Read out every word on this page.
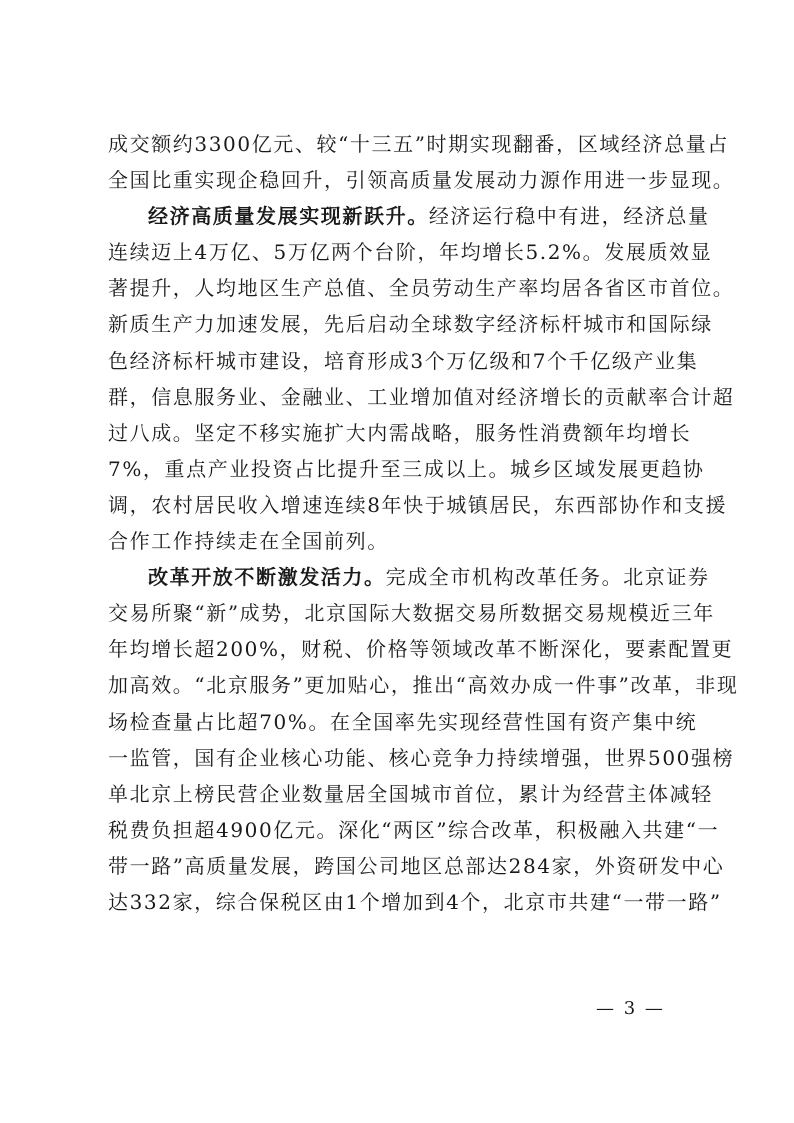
成交额约3300亿元、较“十三五”时期实现翻番，区域经济总量占
全国比重实现企稳回升，引领高质量发展动力源作用进一步显现。
经济高质量发展实现新跃升。经济运行稳中有进，经济总量
连续迈上4万亿、5万亿两个台阶，年均增长5.2%。发展质效显
著提升，人均地区生产总值、全员劳动生产率均居各省区市首位。
新质生产力加速发展，先后启动全球数字经济标杆城市和国际绿
色经济标杆城市建设，培育形成3个万亿级和7个千亿级产业集
群，信息服务业、金融业、工业增加值对经济增长的贡献率合计超
过八成。坚定不移实施扩大内需战略，服务性消费额年均增长
7%，重点产业投资占比提升至三成以上。城乡区域发展更趋协
调，农村居民收入增速连续8年快于城镇居民，东西部协作和支援
合作工作持续走在全国前列。
改革开放不断激发活力。完成全市机构改革任务。北京证券
交易所聚“新”成势，北京国际大数据交易所数据交易规模近三年
年均增长超200%，财税、价格等领域改革不断深化，要素配置更
加高效。“北京服务”更加贴心，推出“高效办成一件事”改革，非现
场检查量占比超70%。在全国率先实现经营性国有资产集中统
一监管，国有企业核心功能、核心竞争力持续增强，世界500强榜
单北京上榜民营企业数量居全国城市首位，累计为经营主体减轻
税费负担超4900亿元。深化“两区”综合改革，积极融入共建“一
带一路”高质量发展，跨国公司地区总部达284家，外资研发中心
达332家，综合保税区由1个增加到4个，北京市共建“一带一路”
— 3 —
